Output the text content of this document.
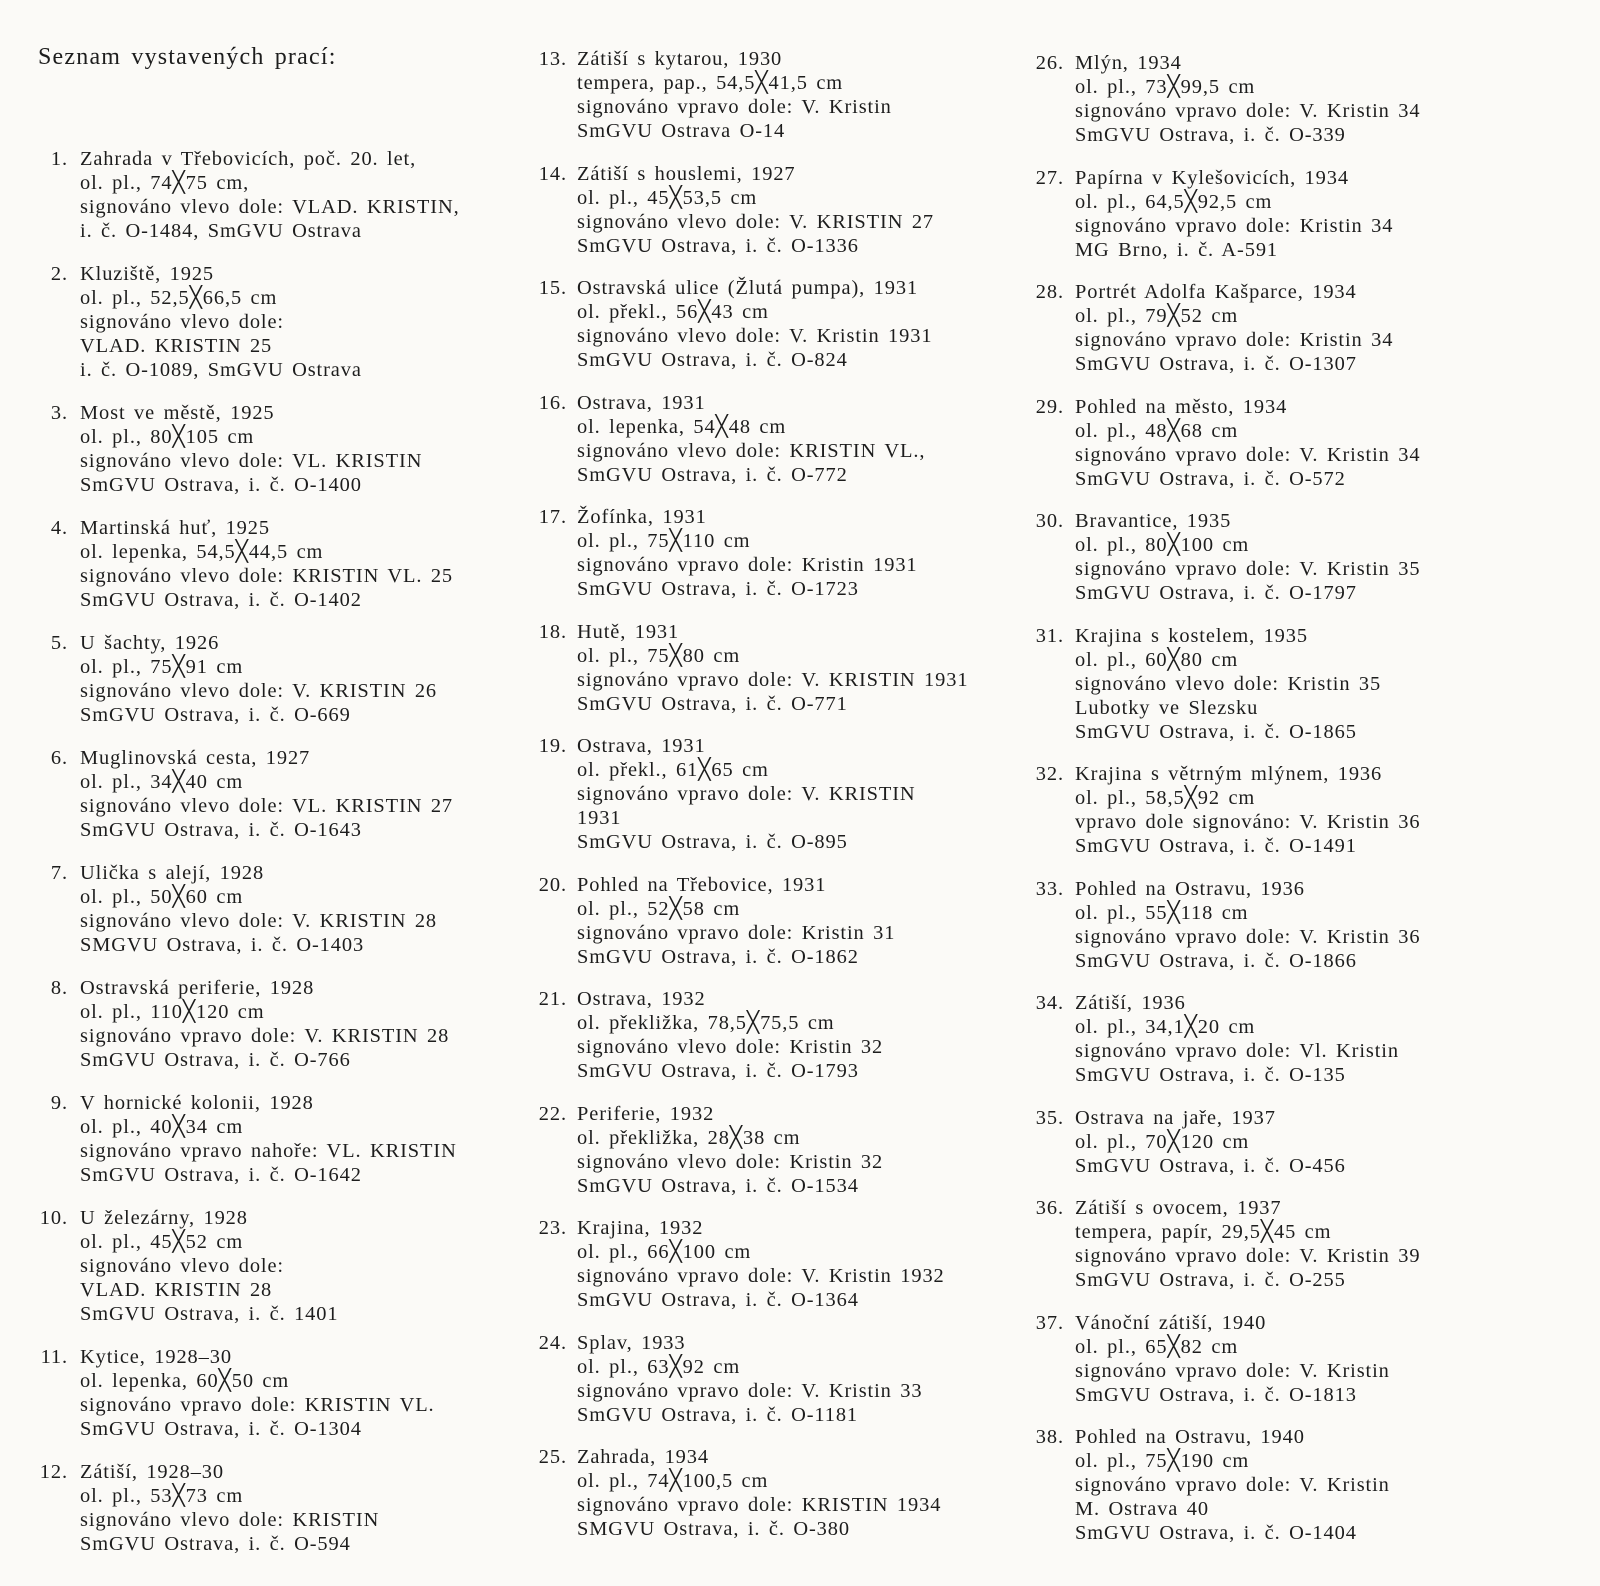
Seznam vystavených prací:
1. Zahrada v Třebovicích, poč. 20. let,
ol. pl., 74╳75 cm,
signováno vlevo dole: VLAD. KRISTIN,
i. č. O-1484, SmGVU Ostrava
2. Kluziště, 1925
ol. pl., 52,5╳66,5 cm
signováno vlevo dole:
VLAD. KRISTIN 25
i. č. O-1089, SmGVU Ostrava
3. Most ve městě, 1925
ol. pl., 80╳105 cm
signováno vlevo dole: VL. KRISTIN
SmGVU Ostrava, i. č. O-1400
4. Martinská huť, 1925
ol. lepenka, 54,5╳44,5 cm
signováno vlevo dole: KRISTIN VL. 25
SmGVU Ostrava, i. č. O-1402
5. U šachty, 1926
ol. pl., 75╳91 cm
signováno vlevo dole: V. KRISTIN 26
SmGVU Ostrava, i. č. O-669
6. Muglinovská cesta, 1927
ol. pl., 34╳40 cm
signováno vlevo dole: VL. KRISTIN 27
SmGVU Ostrava, i. č. O-1643
7. Ulička s alejí, 1928
ol. pl., 50╳60 cm
signováno vlevo dole: V. KRISTIN 28
SMGVU Ostrava, i. č. O-1403
8. Ostravská periferie, 1928
ol. pl., 110╳120 cm
signováno vpravo dole: V. KRISTIN 28
SmGVU Ostrava, i. č. O-766
9. V hornické kolonii, 1928
ol. pl., 40╳34 cm
signováno vpravo nahoře: VL. KRISTIN
SmGVU Ostrava, i. č. O-1642
10. U železárny, 1928
ol. pl., 45╳52 cm
signováno vlevo dole:
VLAD. KRISTIN 28
SmGVU Ostrava, i. č. 1401
11. Kytice, 1928–30
ol. lepenka, 60╳50 cm
signováno vpravo dole: KRISTIN VL.
SmGVU Ostrava, i. č. O-1304
12. Zátiší, 1928–30
ol. pl., 53╳73 cm
signováno vlevo dole: KRISTIN
SmGVU Ostrava, i. č. O-594
13. Zátiší s kytarou, 1930
tempera, pap., 54,5╳41,5 cm
signováno vpravo dole: V. Kristin
SmGVU Ostrava O-14
14. Zátiší s houslemi, 1927
ol. pl., 45╳53,5 cm
signováno vlevo dole: V. KRISTIN 27
SmGVU Ostrava, i. č. O-1336
15. Ostravská ulice (Žlutá pumpa), 1931
ol. překl., 56╳43 cm
signováno vlevo dole: V. Kristin 1931
SmGVU Ostrava, i. č. O-824
16. Ostrava, 1931
ol. lepenka, 54╳48 cm
signováno vlevo dole: KRISTIN VL.,
SmGVU Ostrava, i. č. O-772
17. Žofínka, 1931
ol. pl., 75╳110 cm
signováno vpravo dole: Kristin 1931
SmGVU Ostrava, i. č. O-1723
18. Hutě, 1931
ol. pl., 75╳80 cm
signováno vpravo dole: V. KRISTIN 1931
SmGVU Ostrava, i. č. O-771
19. Ostrava, 1931
ol. překl., 61╳65 cm
signováno vpravo dole: V. KRISTIN
1931
SmGVU Ostrava, i. č. O-895
20. Pohled na Třebovice, 1931
ol. pl., 52╳58 cm
signováno vpravo dole: Kristin 31
SmGVU Ostrava, i. č. O-1862
21. Ostrava, 1932
ol. překližka, 78,5╳75,5 cm
signováno vlevo dole: Kristin 32
SmGVU Ostrava, i. č. O-1793
22. Periferie, 1932
ol. překližka, 28╳38 cm
signováno vlevo dole: Kristin 32
SmGVU Ostrava, i. č. O-1534
23. Krajina, 1932
ol. pl., 66╳100 cm
signováno vpravo dole: V. Kristin 1932
SmGVU Ostrava, i. č. O-1364
24. Splav, 1933
ol. pl., 63╳92 cm
signováno vpravo dole: V. Kristin 33
SmGVU Ostrava, i. č. O-1181
25. Zahrada, 1934
ol. pl., 74╳100,5 cm
signováno vpravo dole: KRISTIN 1934
SMGVU Ostrava, i. č. O-380
26. Mlýn, 1934
ol. pl., 73╳99,5 cm
signováno vpravo dole: V. Kristin 34
SmGVU Ostrava, i. č. O-339
27. Papírna v Kylešovicích, 1934
ol. pl., 64,5╳92,5 cm
signováno vpravo dole: Kristin 34
MG Brno, i. č. A-591
28. Portrét Adolfa Kašparce, 1934
ol. pl., 79╳52 cm
signováno vpravo dole: Kristin 34
SmGVU Ostrava, i. č. O-1307
29. Pohled na město, 1934
ol. pl., 48╳68 cm
signováno vpravo dole: V. Kristin 34
SmGVU Ostrava, i. č. O-572
30. Bravantice, 1935
ol. pl., 80╳100 cm
signováno vpravo dole: V. Kristin 35
SmGVU Ostrava, i. č. O-1797
31. Krajina s kostelem, 1935
ol. pl., 60╳80 cm
signováno vlevo dole: Kristin 35
Lubotky ve Slezsku
SmGVU Ostrava, i. č. O-1865
32. Krajina s větrným mlýnem, 1936
ol. pl., 58,5╳92 cm
vpravo dole signováno: V. Kristin 36
SmGVU Ostrava, i. č. O-1491
33. Pohled na Ostravu, 1936
ol. pl., 55╳118 cm
signováno vpravo dole: V. Kristin 36
SmGVU Ostrava, i. č. O-1866
34. Zátiší, 1936
ol. pl., 34,1╳20 cm
signováno vpravo dole: Vl. Kristin
SmGVU Ostrava, i. č. O-135
35. Ostrava na jaře, 1937
ol. pl., 70╳120 cm
SmGVU Ostrava, i. č. O-456
36. Zátiší s ovocem, 1937
tempera, papír, 29,5╳45 cm
signováno vpravo dole: V. Kristin 39
SmGVU Ostrava, i. č. O-255
37. Vánoční zátiší, 1940
ol. pl., 65╳82 cm
signováno vpravo dole: V. Kristin
SmGVU Ostrava, i. č. O-1813
38. Pohled na Ostravu, 1940
ol. pl., 75╳190 cm
signováno vpravo dole: V. Kristin
M. Ostrava 40
SmGVU Ostrava, i. č. O-1404
